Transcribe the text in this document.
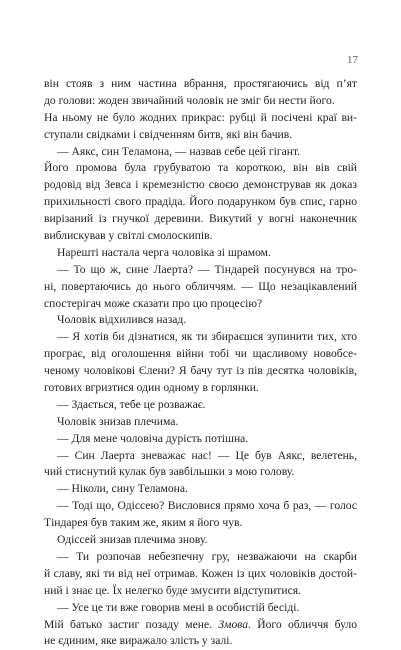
17
він стояв з ним частина вбрання, простягаючись від п’ят
до голови: жоден звичайний чоловік не зміг би нести його.
На ньому не було жодних прикрас: рубці й посічені краї ви-
ступали свідками і свідченням битв, які він бачив.
— Аякс, син Теламона, — назвав себе цей гігант.
Його промова була грубуватою та короткою, він вів свій
родовід від Зевса і кремезністю своєю демонстрував як доказ
прихильності свого прадіда. Його подарунком був спис, гарно
вирізаний із гнучкої деревини. Викутий у вогні наконечник
виблискував у світлі смолоскипів.
Нарешті настала черга чоловіка зі шрамом.
— То що ж, сине Лаерта? — Тіндарей посунувся на тро-
ні, повертаючись до нього обличчям. — Що незацікавлений
спостерігач може сказати про цю процесію?
Чоловік відхилився назад.
— Я хотів би дізнатися, як ти збираєшся зупинити тих, хто
програє, від оголошення війни тобі чи щасливому новобсе-
ченому чоловікові Єлени? Я бачу тут із пів десятка чоловіків,
готових вгризтися один одному в горлянки.
— Здається, тебе це розважає.
Чоловік знизав плечима.
— Для мене чоловіча дурість потішна.
— Син Лаерта зневажає нас! — Це був Аякс, велетень,
чий стиснутий кулак був завбільшки з мою голову.
— Ніколи, сину Теламона.
— Тоді що, Одіссею? Висловися прямо хоча б раз, — голос
Тіндарея був таким же, яким я його чув.
Одіссей знизав плечима знову.
— Ти розпочав небезпечну гру, незважаючи на скарби
й славу, які ти від неї отримав. Кожен із цих чоловіків достой-
ний і знає це. Їх нелегко буде змусити відступитися.
— Усе це ти вже говорив мені в особистій бесіді.
Мій батько застиг позаду мене. Змова. Його обличчя було
не єдиним, яке виражало злість у залі.
